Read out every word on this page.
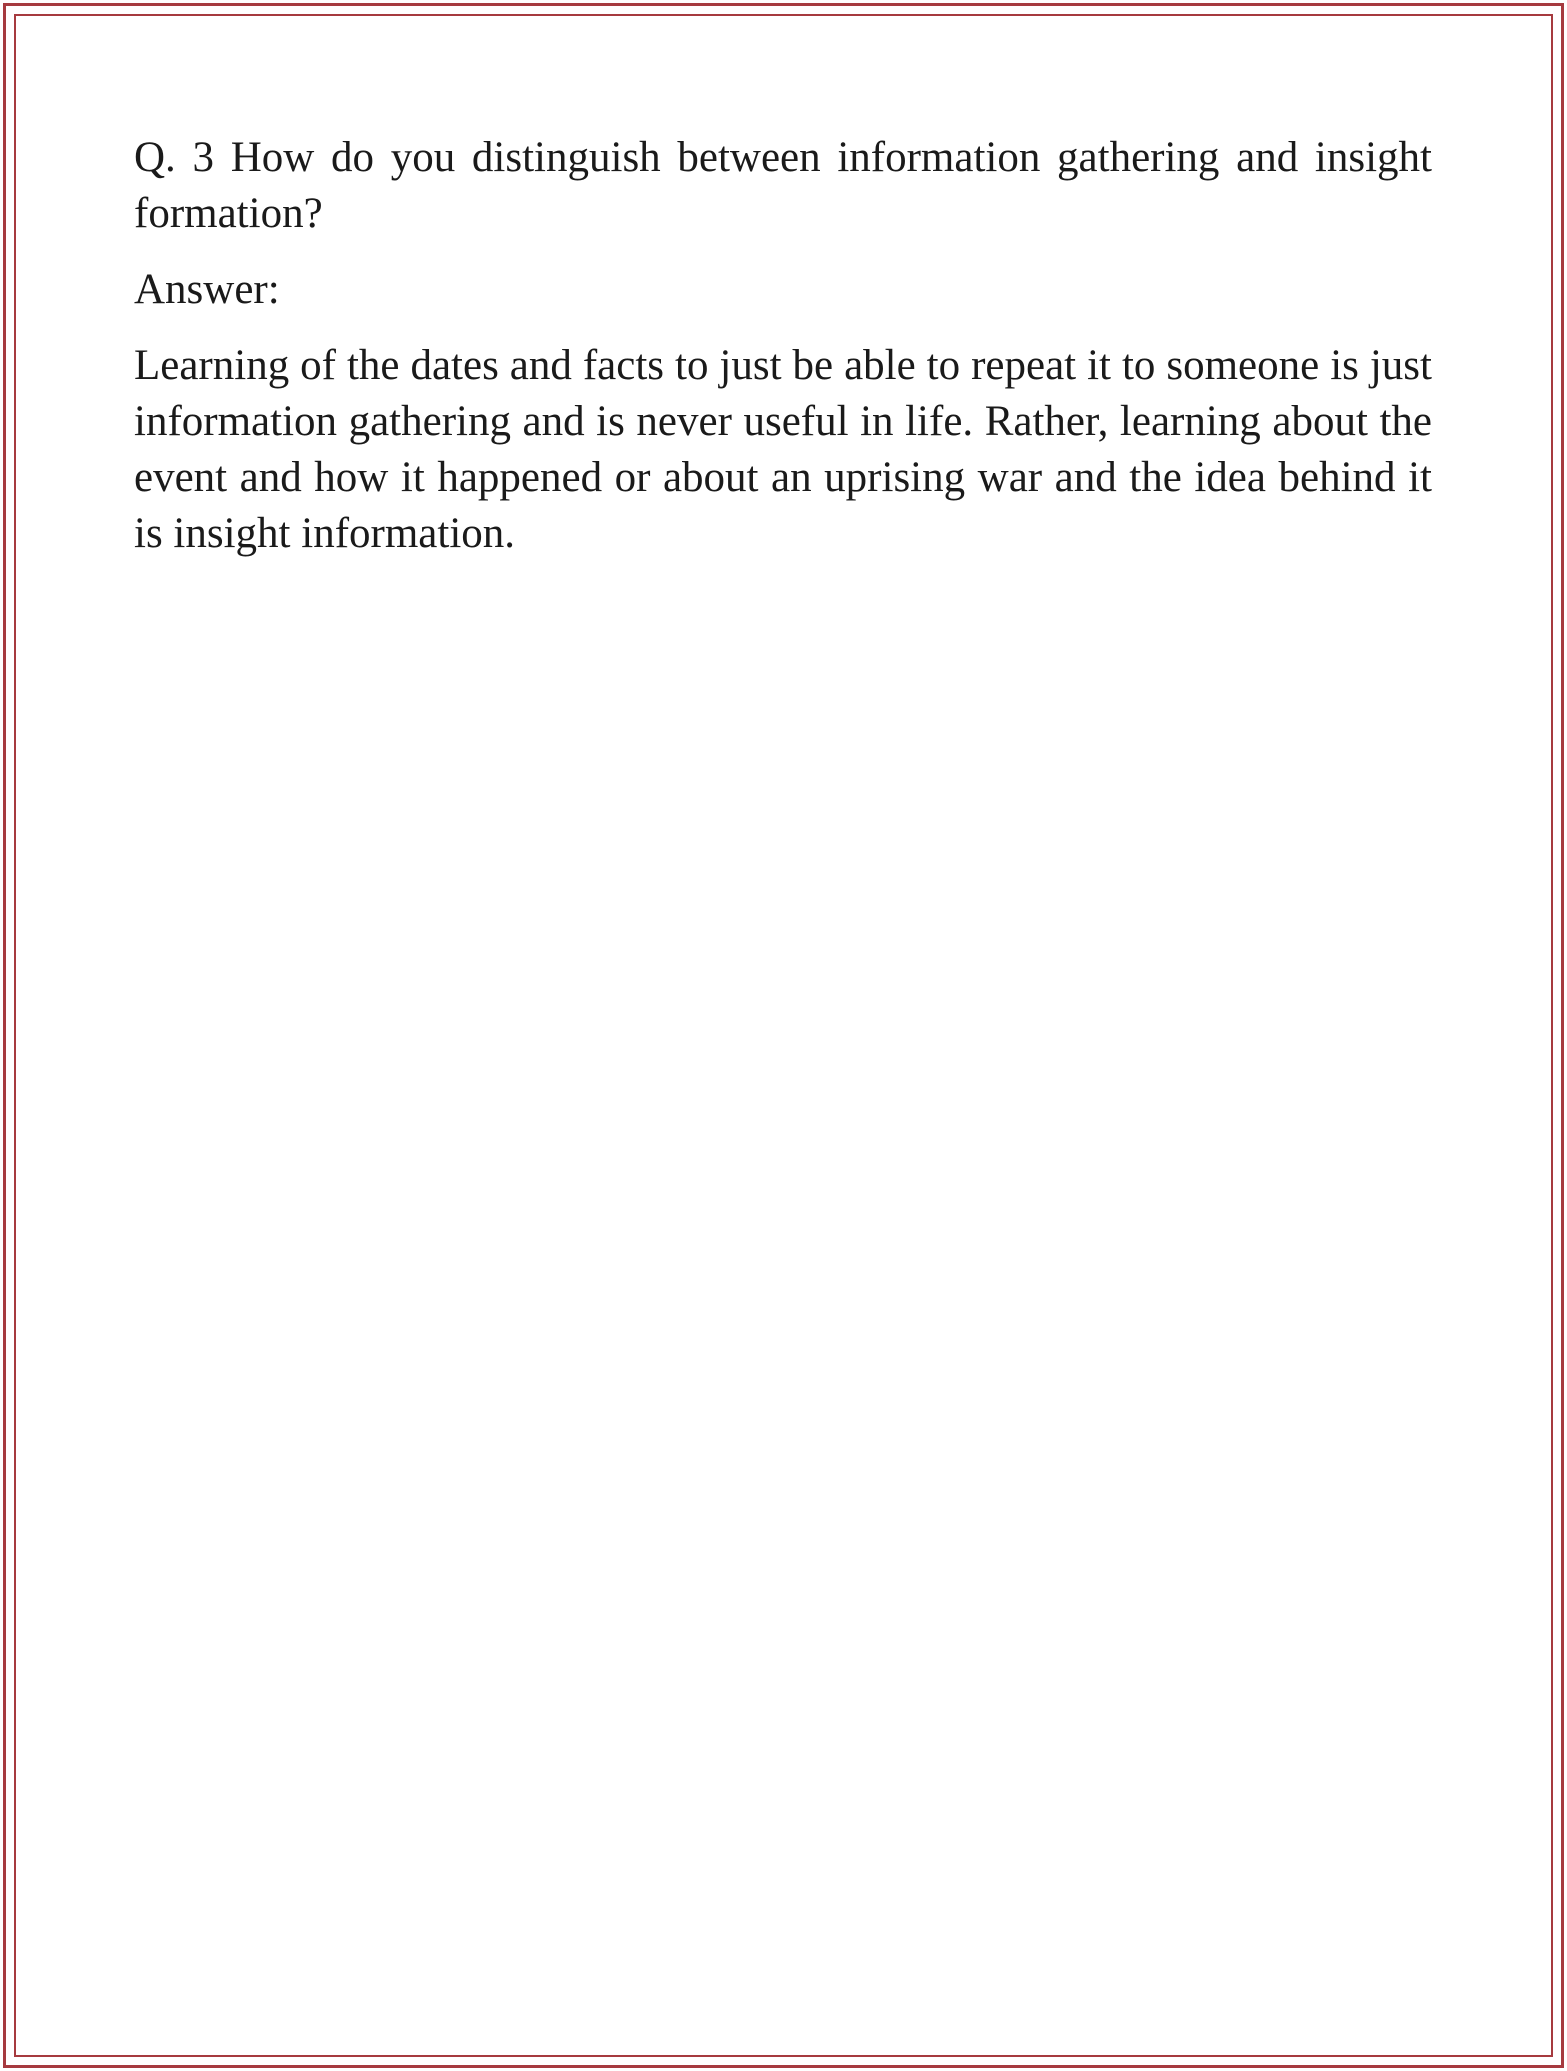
Q. 3 How do you distinguish between information gathering and insight formation?

Answer:

Learning of the dates and facts to just be able to repeat it to someone is just information gathering and is never useful in life. Rather, learning about the event and how it happened or about an uprising war and the idea behind it is insight information.
